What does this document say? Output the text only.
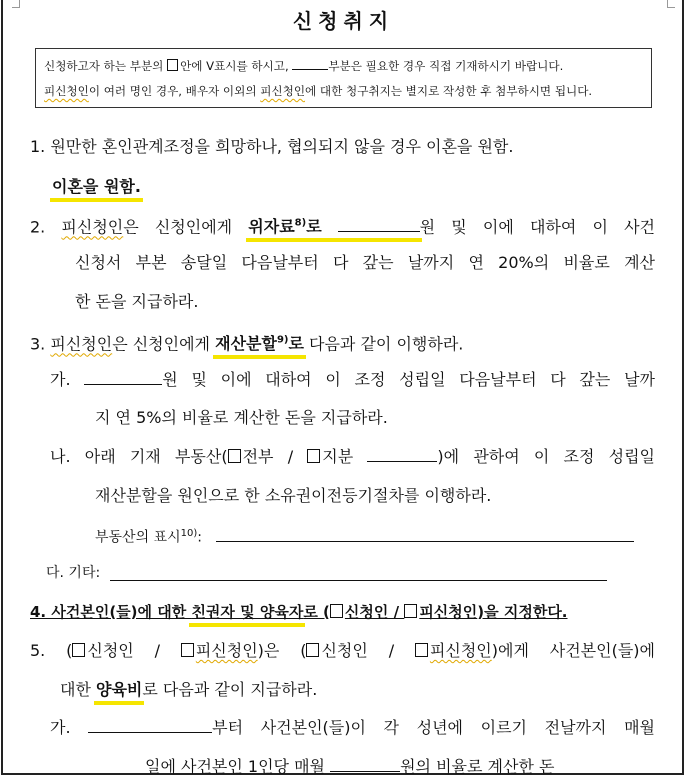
신청취지
신청하고자 하는 부분의 안에 V표시를 하시고,	부분은 필요한 경우 직접 기재하시기 바랍니다.
피신청인이 여러 명인 경우, 배우자 이외의 피신청인에 대한 청구취지는 별지로 작성한 후 첨부하시면 됩니다.
1. 원만한 혼인관계조정을 희망하나, 협의되지 않을 경우 이혼을 원함.
이혼을 원함.
2. 피신청인은 신청인에게 위자료$^{8)}$로	원 및 이에 대하여 이 사건
신청서 부본 송달일 다음날부터 다 갚는 날까지 연 20%의 비율로 계산
한 돈을 지급하라.
3. 피신청인은 신청인에게 재산분할$^{9)}$로 다음과 같이 이행하라.
가.	원 및 이에 대하여 이 조정 성립일 다음날부터 다 갚는 날까
지 연 5%의 비율로 계산한 돈을 지급하라.
나. 아래 기재 부동산( 전부 / 지분	)에 관하여 이 조정 성립일
재산분할을 원인으로 한 소유권이전등기절차를 이행하라.
부동산의 표시$^{10)}$:
다. 기타:
4. 사건본인(들)에 대한 친권자 및 양육자로 ( 신청인 / 피신청인)을 지정한다.
5. ( 신청인 / 피신청인)은 ( 신청인 / 피신청인)에게 사건본인(들)에
대한 양육비로 다음과 같이 지급하라.
가.	부터 사건본인(들)이 각 성년에 이르기 전날까지 매월
일에 사건본인 1인당 매월	원의 비율로 계산한 돈
